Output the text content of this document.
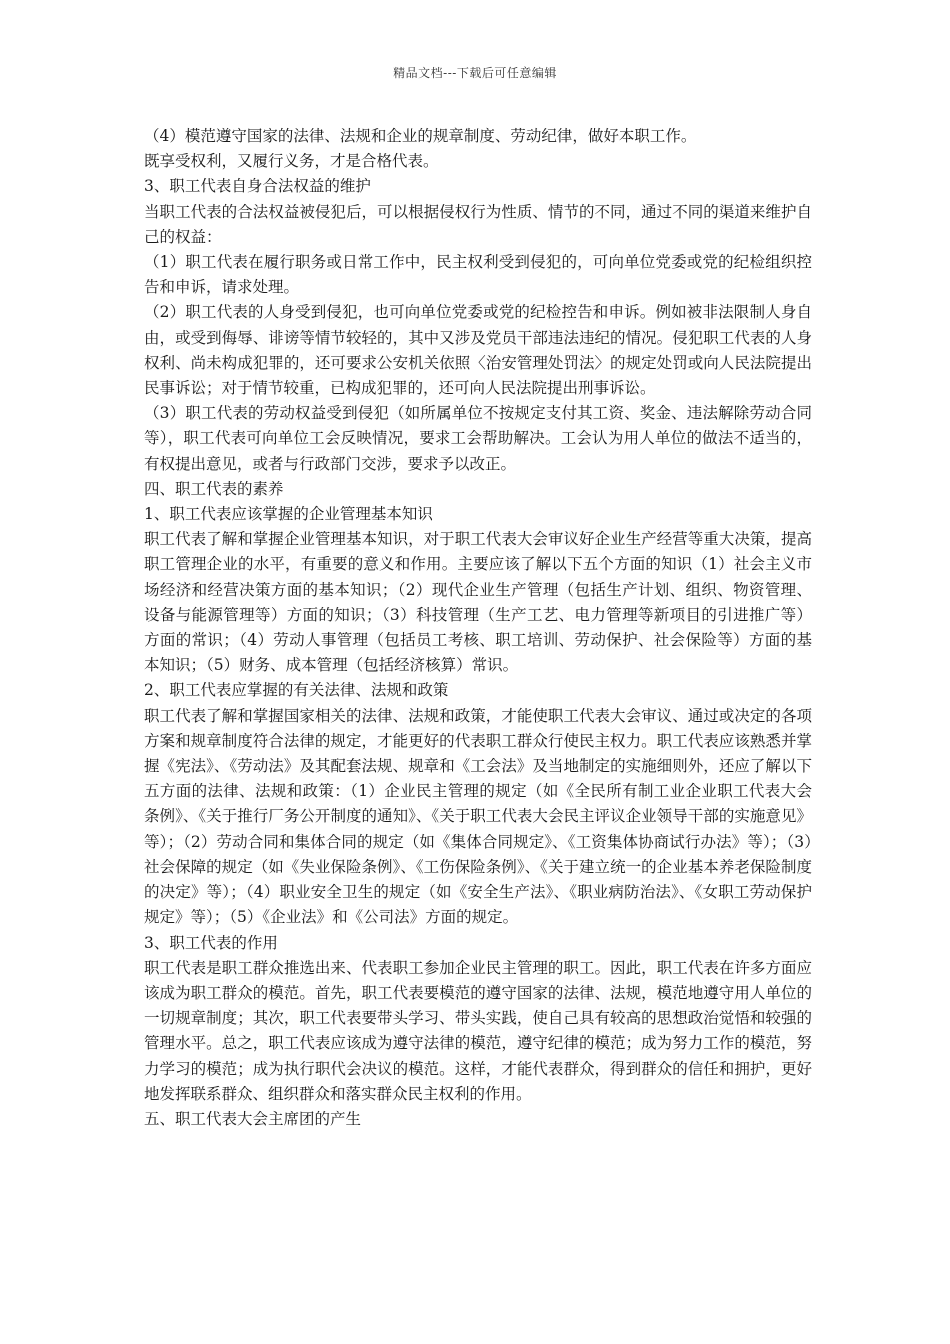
精品文档---下载后可任意编辑

（4）模范遵守国家的法律、法规和企业的规章制度、劳动纪律，做好本职工作。

既享受权利，又履行义务，才是合格代表。

3、职工代表自身合法权益的维护

当职工代表的合法权益被侵犯后，可以根据侵权行为性质、情节的不同，通过不同的渠道来维护自己的权益：

（1）职工代表在履行职务或日常工作中，民主权利受到侵犯的，可向单位党委或党的纪检组织控告和申诉，请求处理。

（2）职工代表的人身受到侵犯，也可向单位党委或党的纪检控告和申诉。例如被非法限制人身自由，或受到侮辱、诽谤等情节较轻的，其中又涉及党员干部违法违纪的情况。侵犯职工代表的人身权利、尚未构成犯罪的，还可要求公安机关依照〈治安管理处罚法〉的规定处罚或向人民法院提出民事诉讼；对于情节较重，已构成犯罪的，还可向人民法院提出刑事诉讼。

（3）职工代表的劳动权益受到侵犯（如所属单位不按规定支付其工资、奖金、违法解除劳动合同等），职工代表可向单位工会反映情况，要求工会帮助解决。工会认为用人单位的做法不适当的，有权提出意见，或者与行政部门交涉，要求予以改正。

四、职工代表的素养

1、职工代表应该掌握的企业管理基本知识

职工代表了解和掌握企业管理基本知识，对于职工代表大会审议好企业生产经营等重大决策，提高职工管理企业的水平，有重要的意义和作用。主要应该了解以下五个方面的知识（1）社会主义市场经济和经营决策方面的基本知识；（2）现代企业生产管理（包括生产计划、组织、物资管理、设备与能源管理等）方面的知识；（3）科技管理（生产工艺、电力管理等新项目的引进推广等）方面的常识；（4）劳动人事管理（包括员工考核、职工培训、劳动保护、社会保险等）方面的基本知识；（5）财务、成本管理（包括经济核算）常识。

2、职工代表应掌握的有关法律、法规和政策

职工代表了解和掌握国家相关的法律、法规和政策，才能使职工代表大会审议、通过或决定的各项方案和规章制度符合法律的规定，才能更好的代表职工群众行使民主权力。职工代表应该熟悉并掌握《宪法》、《劳动法》及其配套法规、规章和《工会法》及当地制定的实施细则外，还应了解以下五方面的法律、法规和政策：（1）企业民主管理的规定（如《全民所有制工业企业职工代表大会条例》、《关于推行厂务公开制度的通知》、《关于职工代表大会民主评议企业领导干部的实施意见》等）；（2）劳动合同和集体合同的规定（如《集体合同规定》、《工资集体协商试行办法》等）；（3）社会保障的规定（如《失业保险条例》、《工伤保险条例》、《关于建立统一的企业基本养老保险制度的决定》等）；（4）职业安全卫生的规定（如《安全生产法》、《职业病防治法》、《女职工劳动保护规定》等）；（5）《企业法》和《公司法》方面的规定。

3、职工代表的作用

职工代表是职工群众推选出来、代表职工参加企业民主管理的职工。因此，职工代表在许多方面应该成为职工群众的模范。首先，职工代表要模范的遵守国家的法律、法规，模范地遵守用人单位的一切规章制度；其次，职工代表要带头学习、带头实践，使自己具有较高的思想政治觉悟和较强的管理水平。总之，职工代表应该成为遵守法律的模范，遵守纪律的模范；成为努力工作的模范，努力学习的模范；成为执行职代会决议的模范。这样，才能代表群众，得到群众的信任和拥护，更好地发挥联系群众、组织群众和落实群众民主权利的作用。

五、职工代表大会主席团的产生
